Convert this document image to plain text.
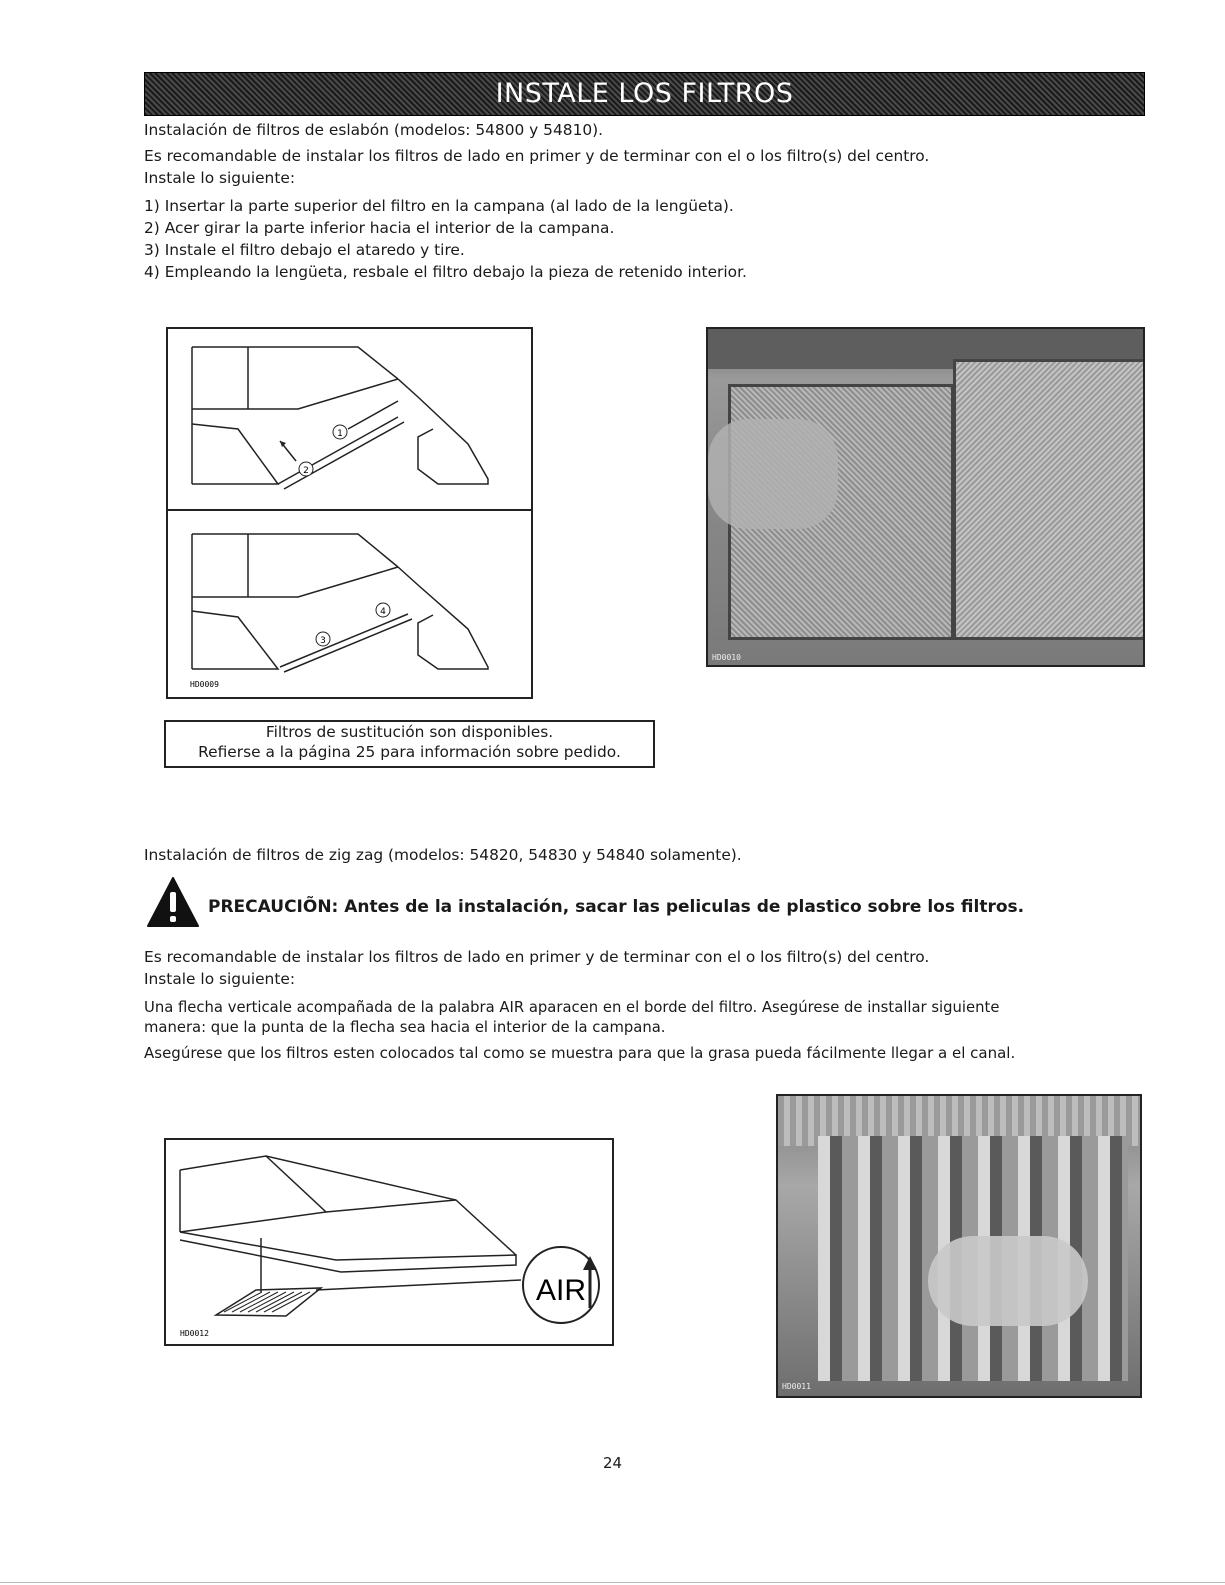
INSTALE LOS FILTROS
Instalación de filtros de eslabón (modelos: 54800 y 54810).
Es recomandable de instalar los filtros de lado en primer y de terminar con el o los filtro(s) del centro.
Instale lo siguiente:
1) Insertar la parte superior del filtro en la campana (al lado de la lengüeta).
2) Acer girar la parte inferior hacia el interior de la campana.
3) Instale el filtro debajo el ataredo y tire.
4) Empleando la lengüeta, resbale el filtro debajo la pieza de retenido interior.
1
2
4
3
HD0009
HD0010
Filtros de sustitución son disponibles.
Refierse a la página 25 para información sobre pedido.
Instalación de filtros de zig zag (modelos: 54820, 54830 y 54840 solamente).
PRECAUCIÕN: Antes de la instalación, sacar las peliculas de plastico sobre los filtros.
Es recomandable de instalar los filtros de lado en primer y de terminar con el o los filtro(s) del centro.
Instale lo siguiente:
Una flecha verticale acompañada de la palabra AIR aparacen en el borde del filtro. Asegúrese de installar siguiente
manera: que la punta de la flecha sea hacia el interior de la campana.
Asegúrese que los filtros esten colocados tal como se muestra para que la grasa pueda fácilmente llegar a el canal.
AIR
HD0012
HD0011
24
